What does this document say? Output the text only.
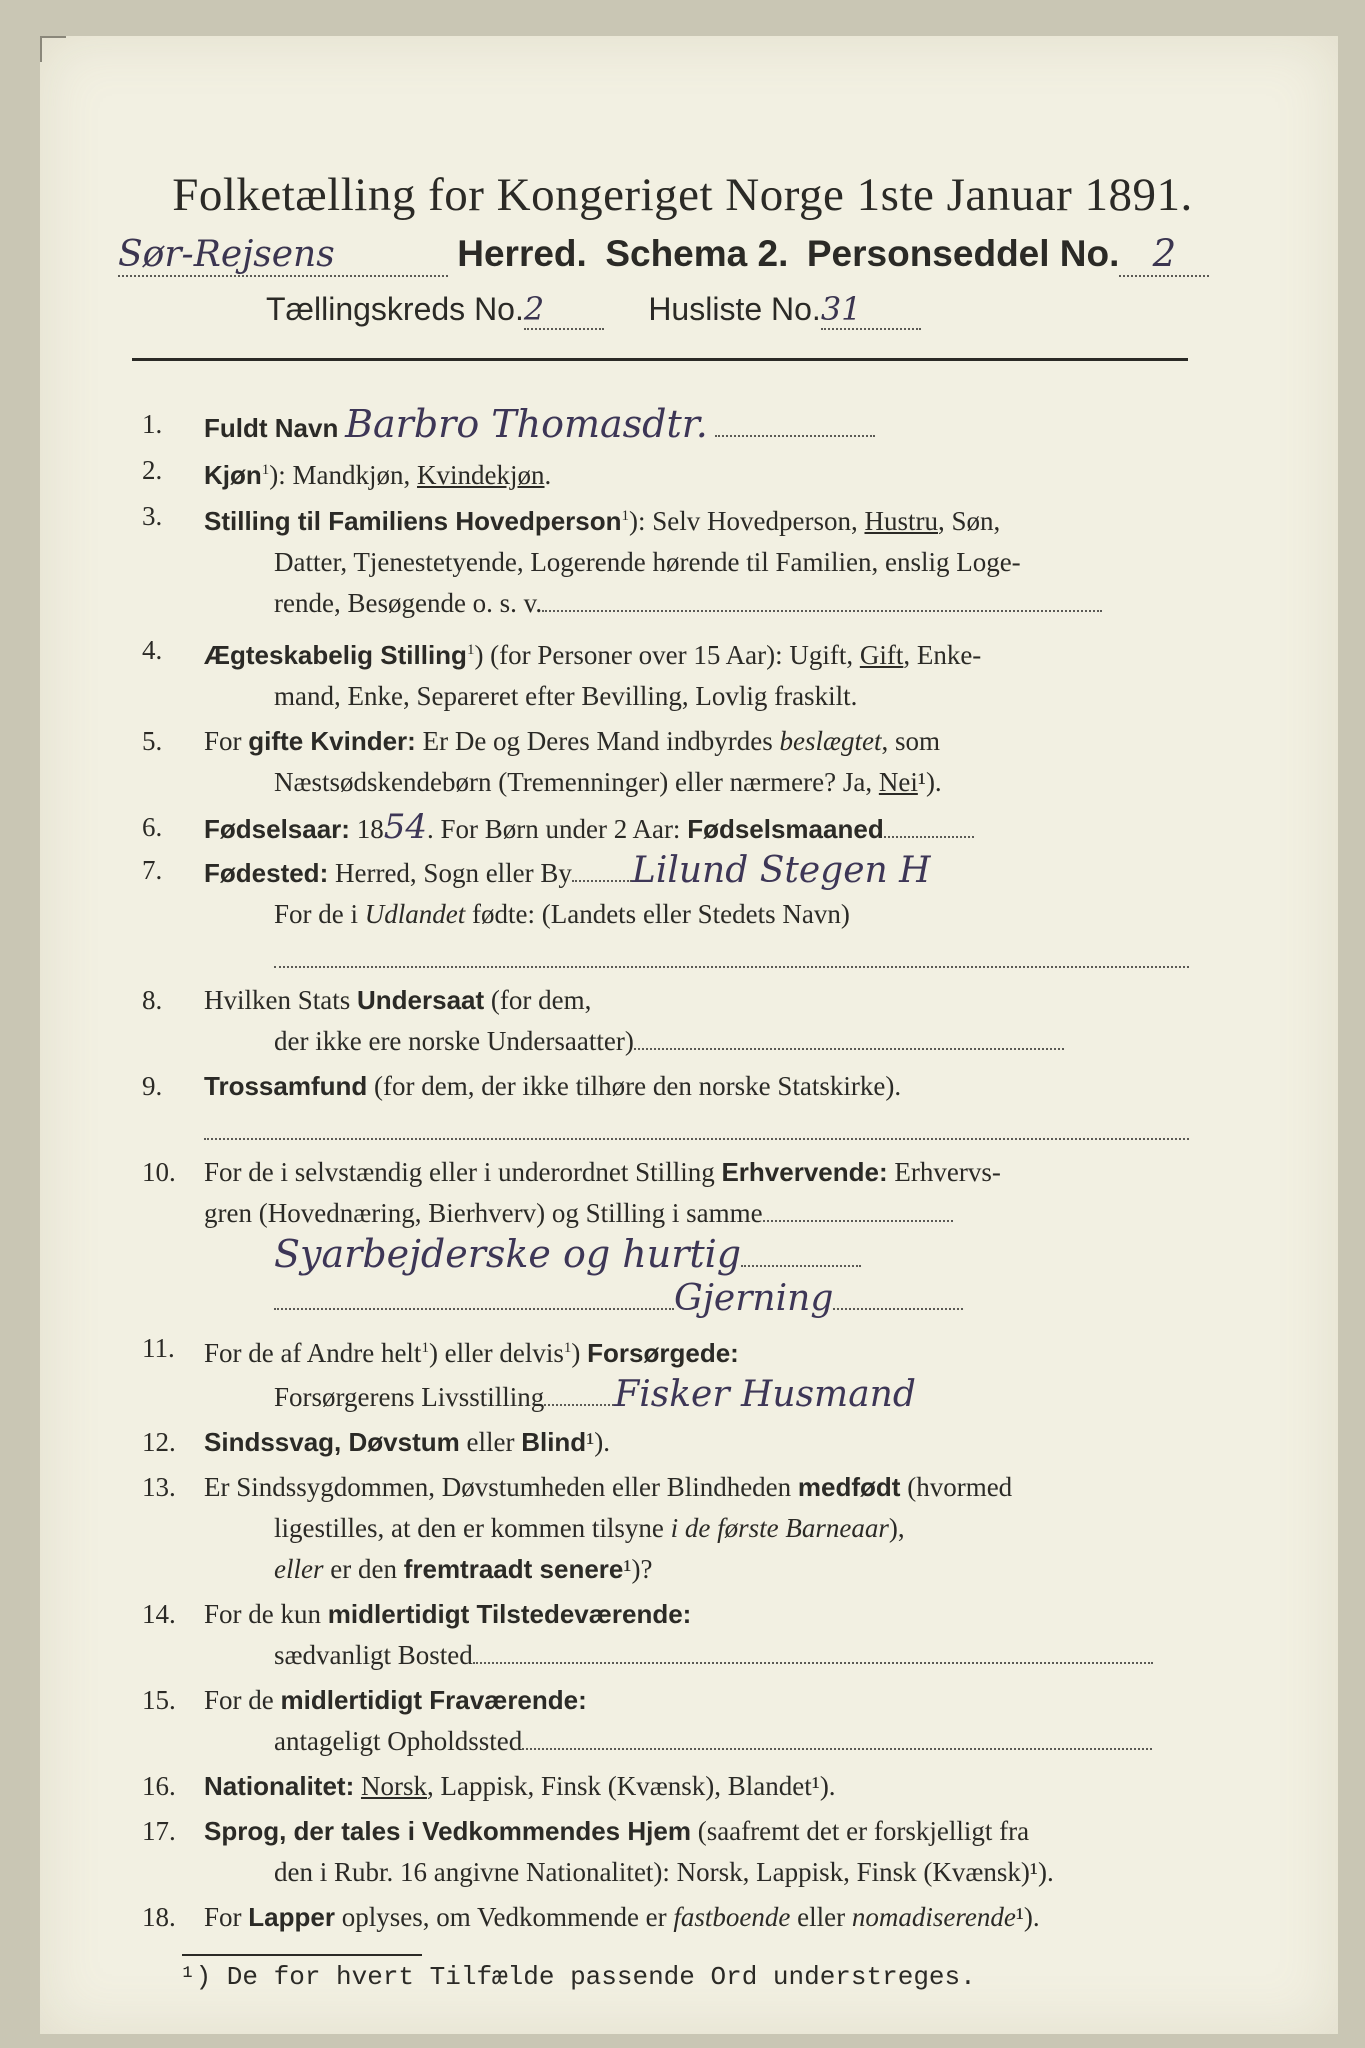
Folketælling for Kongeriget Norge 1ste Januar 1891.
Sør-Rejsens	Herred. Schema 2. Personseddel No. 2
Tællingskreds No.2	Husliste No.31
1.	Fuldt Navn Barbro Thomasdtr.
2.	Kjøn$^1$): Mandkjøn, Kvindekjøn.
3.	Stilling til Familiens Hovedperson$^1$): Selv Hovedperson, Hustru, Søn,
Datter, Tjenestetyende, Logerende hørende til Familien, enslig Loge-
rende, Besøgende o. s. v.
4.	Ægteskabelig Stilling$^1$) (for Personer over 15 Aar): Ugift, Gift, Enke-
mand, Enke, Separeret efter Bevilling, Lovlig fraskilt.
5.	For gifte Kvinder: Er De og Deres Mand indbyrdes beslægtet, som
Næstsødskendebørn (Tremenninger) eller nærmere? Ja, Nei¹).
6.	Fødselsaar: 1854. For Børn under 2 Aar: Fødselsmaaned
7.	Fødested: Herred, Sogn eller By Lilund Stegen H
For de i Udlandet fødte: (Landets eller Stedets Navn)
8.	Hvilken Stats Undersaat (for dem,
der ikke ere norske Undersaatter)
9.	Trossamfund (for dem, der ikke tilhøre den norske Statskirke).
10.	For de i selvstændig eller i underordnet Stilling Erhvervende: Erhvervs-
gren (Hovednæring, Bierhverv) og Stilling i samme
Syarbejderske og hurtig
Gjerning
11.	For de af Andre helt$^1$) eller delvis$^1$) Forsørgede:
Forsørgerens Livsstilling Fisker Husmand
12.	Sindssvag, Døvstum eller Blind¹).
13.	Er Sindssygdommen, Døvstumheden eller Blindheden medfødt (hvormed
ligestilles, at den er kommen tilsyne i de første Barneaar),
eller er den fremtraadt senere¹)?
14.	For de kun midlertidigt Tilstedeværende:
sædvanligt Bosted
15.	For de midlertidigt Fraværende:
antageligt Opholdssted
16.	Nationalitet: Norsk, Lappisk, Finsk (Kvænsk), Blandet¹).
17.	Sprog, der tales i Vedkommendes Hjem (saafremt det er forskjelligt fra
den i Rubr. 16 angivne Nationalitet): Norsk, Lappisk, Finsk (Kvænsk)¹).
18.	For Lapper oplyses, om Vedkommende er fastboende eller nomadiserende¹).
¹) De for hvert Tilfælde passende Ord understreges.
